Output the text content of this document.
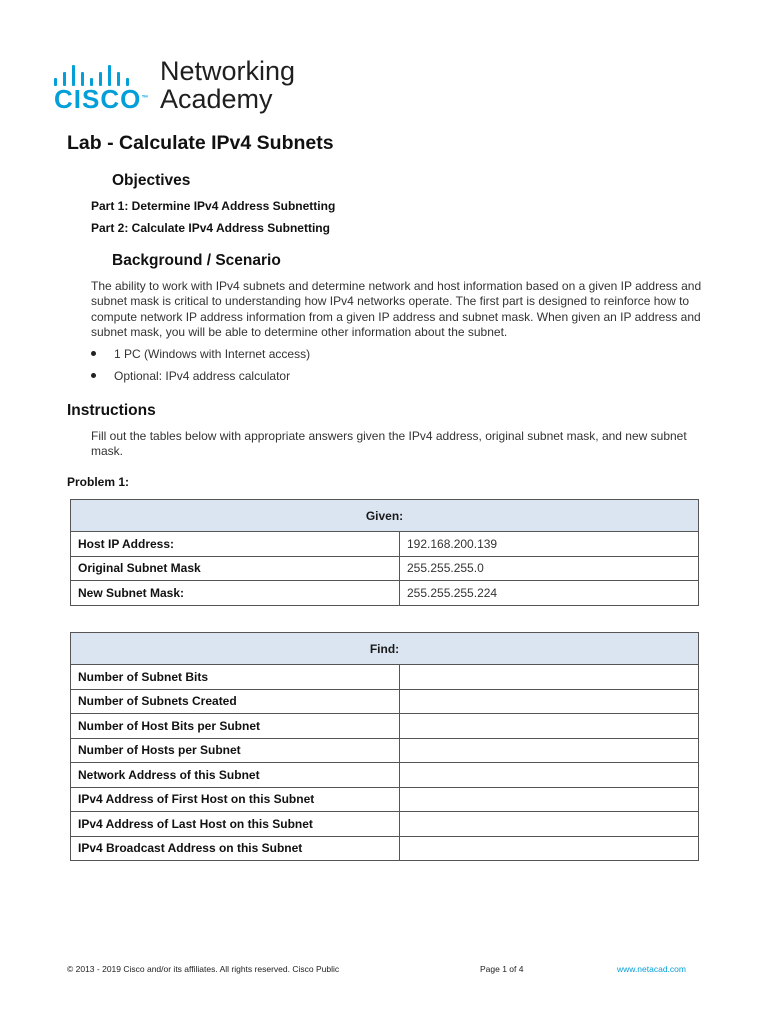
CISCO™
Networking
Academy
Lab - Calculate IPv4 Subnets
Objectives
Part 1: Determine IPv4 Address Subnetting
Part 2: Calculate IPv4 Address Subnetting
Background / Scenario

The ability to work with IPv4 subnets and determine network and host information based on a given IP address and subnet mask is critical to understanding how IPv4 networks operate. The first part is designed to reinforce how to compute network IP address information from a given IP address and subnet mask. When given an IP address and subnet mask, you will be able to determine other information about the subnet.

1 PC (Windows with Internet access)
Optional: IPv4 address calculator
Instructions

Fill out the tables below with appropriate answers given the IPv4 address, original subnet mask, and new subnet mask.

Problem 1:
Given:	
Host IP Address:	192.168.200.139
Original Subnet Mask	255.255.255.0
New Subnet Mask:	255.255.255.224
Find:	
Number of Subnet Bits	
Number of Subnets Created	
Number of Host Bits per Subnet	
Number of Hosts per Subnet	
Network Address of this Subnet	
IPv4 Address of First Host on this Subnet	
IPv4 Address of Last Host on this Subnet	
IPv4 Broadcast Address on this Subnet	
© 2013 - 2019 Cisco and/or its affiliates. All rights reserved. Cisco Public	Page 1 of 4	www.netacad.com
